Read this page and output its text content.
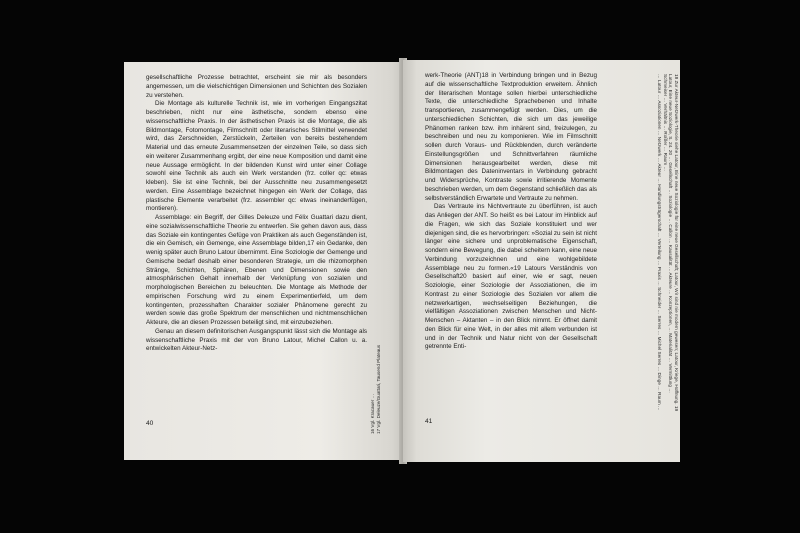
gesellschaftliche Prozesse betrachtet, erscheint sie mir als besonders angemessen, um die vielschichtigen Dimensionen und Schichten des Sozialen zu verstehen.

Die Montage als kulturelle Technik ist, wie im vorherigen Eingangszitat beschrieben, nicht nur eine ästhetische, sondern ebenso eine wissenschaftliche Praxis. In der ästhetischen Praxis ist die Montage, die als Bildmontage, Fotomontage, Filmschnitt oder literarisches Stilmittel verwendet wird, das Zerschneiden, Zerstückeln, Zerteilen von bereits bestehendem Material und das erneute Zusammensetzen der einzelnen Teile, so dass sich ein weiterer Zusammenhang ergibt, der eine neue Komposition und damit eine neue Aussage ermöglicht. In der bildenden Kunst wird unter einer Collage sowohl eine Technik als auch ein Werk verstanden (frz. coller qc: etwas kleben). Sie ist eine Technik, bei der Ausschnitte neu zusammengesetzt werden. Eine Assemblage bezeichnet hingegen ein Werk der Collage, das plastische Elemente verarbeitet (frz. assembler qc: etwas ineinanderfügen, montieren).

Assemblage: ein Begriff, der Gilles Deleuze und Félix Guattari dazu dient, eine sozialwissenschaftliche Theorie zu entwerfen. Sie gehen davon aus, dass das Soziale ein kontingentes Gefüge von Praktiken als auch Gegenständen ist, die ein Gemisch, ein Gemenge, eine Assemblage bilden,17 ein Gedanke, den wenig später auch Bruno Latour übernimmt. Eine Soziologie der Gemenge und Gemische bedarf deshalb einer besonderen Strategie, um die rhizomorphen Stränge, Schichten, Sphären, Ebenen und Dimensionen sowie den atmosphärischen Gehalt innerhalb der Verknüpfung von sozialen und morphologischen Bereichen zu beleuchten. Die Montage als Methode der empirischen Forschung wird zu einem Experimentierfeld, um dem kontingenten, prozesshaften Charakter sozialer Phänomene gerecht zu werden sowie das große Spektrum der menschlichen und nichtmenschlichen Akteure, die an diesen Prozessen beteiligt sind, mit einzubeziehen.

Genau an diesem definitorischen Ausgangspunkt lässt sich die Montage als wissenschaftliche Praxis mit der von Bruno Latour, Michel Callon u. a. entwickelten Akteur-Netz-

16 Vgl. Kracauer … 17 Vgl. Deleuze/Guattari, Tausend Plateaus
40

werk-Theorie (ANT)18 in Verbindung bringen und in Bezug auf die wissenschaftliche Textproduktion erweitern. Ähnlich der literarischen Montage sollen hierbei unterschiedliche Texte, die unterschiedliche Sprachebenen und Inhalte transportieren, zusammengefügt werden. Dies, um die unterschiedlichen Schichten, die sich um das jeweilige Phänomen ranken bzw. ihm inhärent sind, freizulegen, zu beschreiben und neu zu komponieren. Wie im Filmschnitt sollen durch Voraus- und Rückblenden, durch veränderte Einstellungsgrößen und Schnittverfahren räumliche Dimensionen herausgearbeitet werden, diese mit Bildmontagen des Dateninventars in Verbindung gebracht und Widersprüche, Kontraste sowie irritierende Momente beschrieben werden, um dem Gegenstand schließlich das als selbstverständlich Erwartete und Vertraute zu nehmen.

Das Vertraute ins Nichtvertraute zu überführen, ist auch das Anliegen der ANT. So heißt es bei Latour im Hinblick auf die Fragen, wie sich das Soziale konstituiert und wer diejenigen sind, die es hervorbringen: »Sozial zu sein ist nicht länger eine sichere und unproblematische Eigenschaft, sondern eine Bewegung, die dabei scheitern kann, eine neue Verbindung vorzuzeichnen und eine wohlgebildete Assemblage neu zu formen.«19 Latours Verständnis von Gesellschaft20 basiert auf einer, wie er sagt, neuen Soziologie, einer Soziologie der Assoziationen, die im Kontrast zu einer Soziologie des Sozialen vor allem die netzwerkartigen, wechselseitigen Beziehungen, die vielfältigen Assoziationen zwischen Menschen und Nicht-Menschen – Aktanten – in den Blick nimmt. Er öffnet damit den Blick für eine Welt, in der alles mit allem verbunden ist und in der Technik und Natur nicht von der Gesellschaft getrennte Enti-	18 Zur Akteur-Netzwerk-Theorie siehe Latour, Eine neue Soziologie für eine neue Gesellschaft; Latour, Wir sind nie modern gewesen; Latour, Kriege, Hoffnung. 19 Latour, Eine neue Soziologie, S. 24. 20 … Gesellschaft … Soziologie … Callon … Kausalität … Akteure … Konzeptionen, … Materialität … Vermittlung … Schmeiser … Verhältnis … Roßler … Raum …
… Latour … Assoziationen … Netzwerk … Akteur … Handlungsträgerschaft … Verteilung … Praxis … Schneider … Serres … Michel Serres … Dinge … Raum …
41
